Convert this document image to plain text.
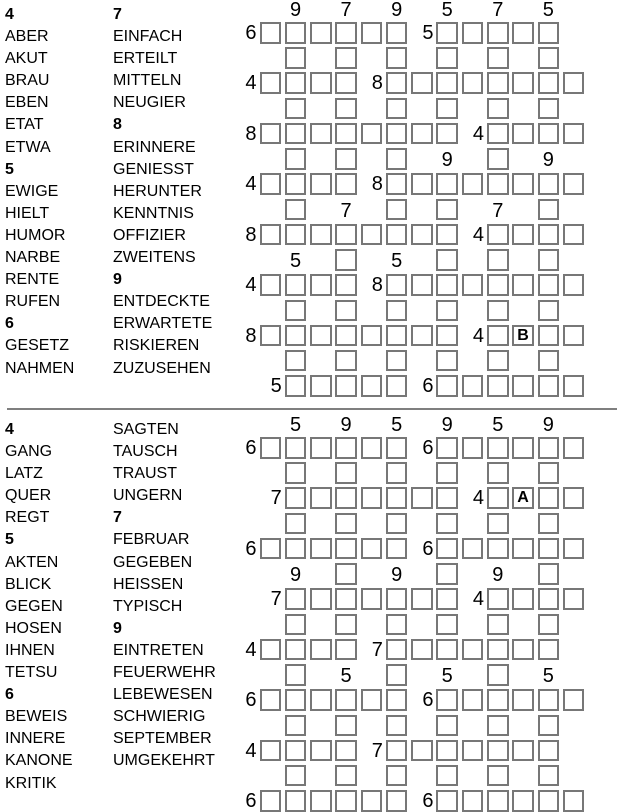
4
ABER
AKUT
BRAU
EBEN
ETAT
ETWA
5
EWIGE
HIELT
HUMOR
NARBE
RENTE
RUFEN
6
GESETZ
NAHMEN
7
EINFACH
ERTEILT
MITTELN
NEUGIER
8
ERINNERE
GENIESST
HERUNTER
KENNTNIS
OFFIZIER
ZWEITENS
9
ENTDECKTE
ERWARTETE
RISKIEREN
ZUZUSEHEN
9	7	9	5	7	5
6	5
4	8
8	4
9	9
4	8
7	7
8	4
5	5
4	8
8	4	B
5	6
4
GANG
LATZ
QUER
REGT
5
AKTEN
BLICK
GEGEN
HOSEN
IHNEN
TETSU
6
BEWEIS
INNERE
KANONE
KRITIK
SAGTEN
TAUSCH
TRAUST
UNGERN
7
FEBRUAR
GEGEBEN
HEISSEN
TYPISCH
9
EINTRETEN
FEUERWEHR
LEBEWESEN
SCHWIERIG
SEPTEMBER
UMGEKEHRT
5	9	5	9	5	9
6	6
7	4	A
6	6
9	9	9
7	4
4	7
5	5	5
6	6
4	7
6	6
